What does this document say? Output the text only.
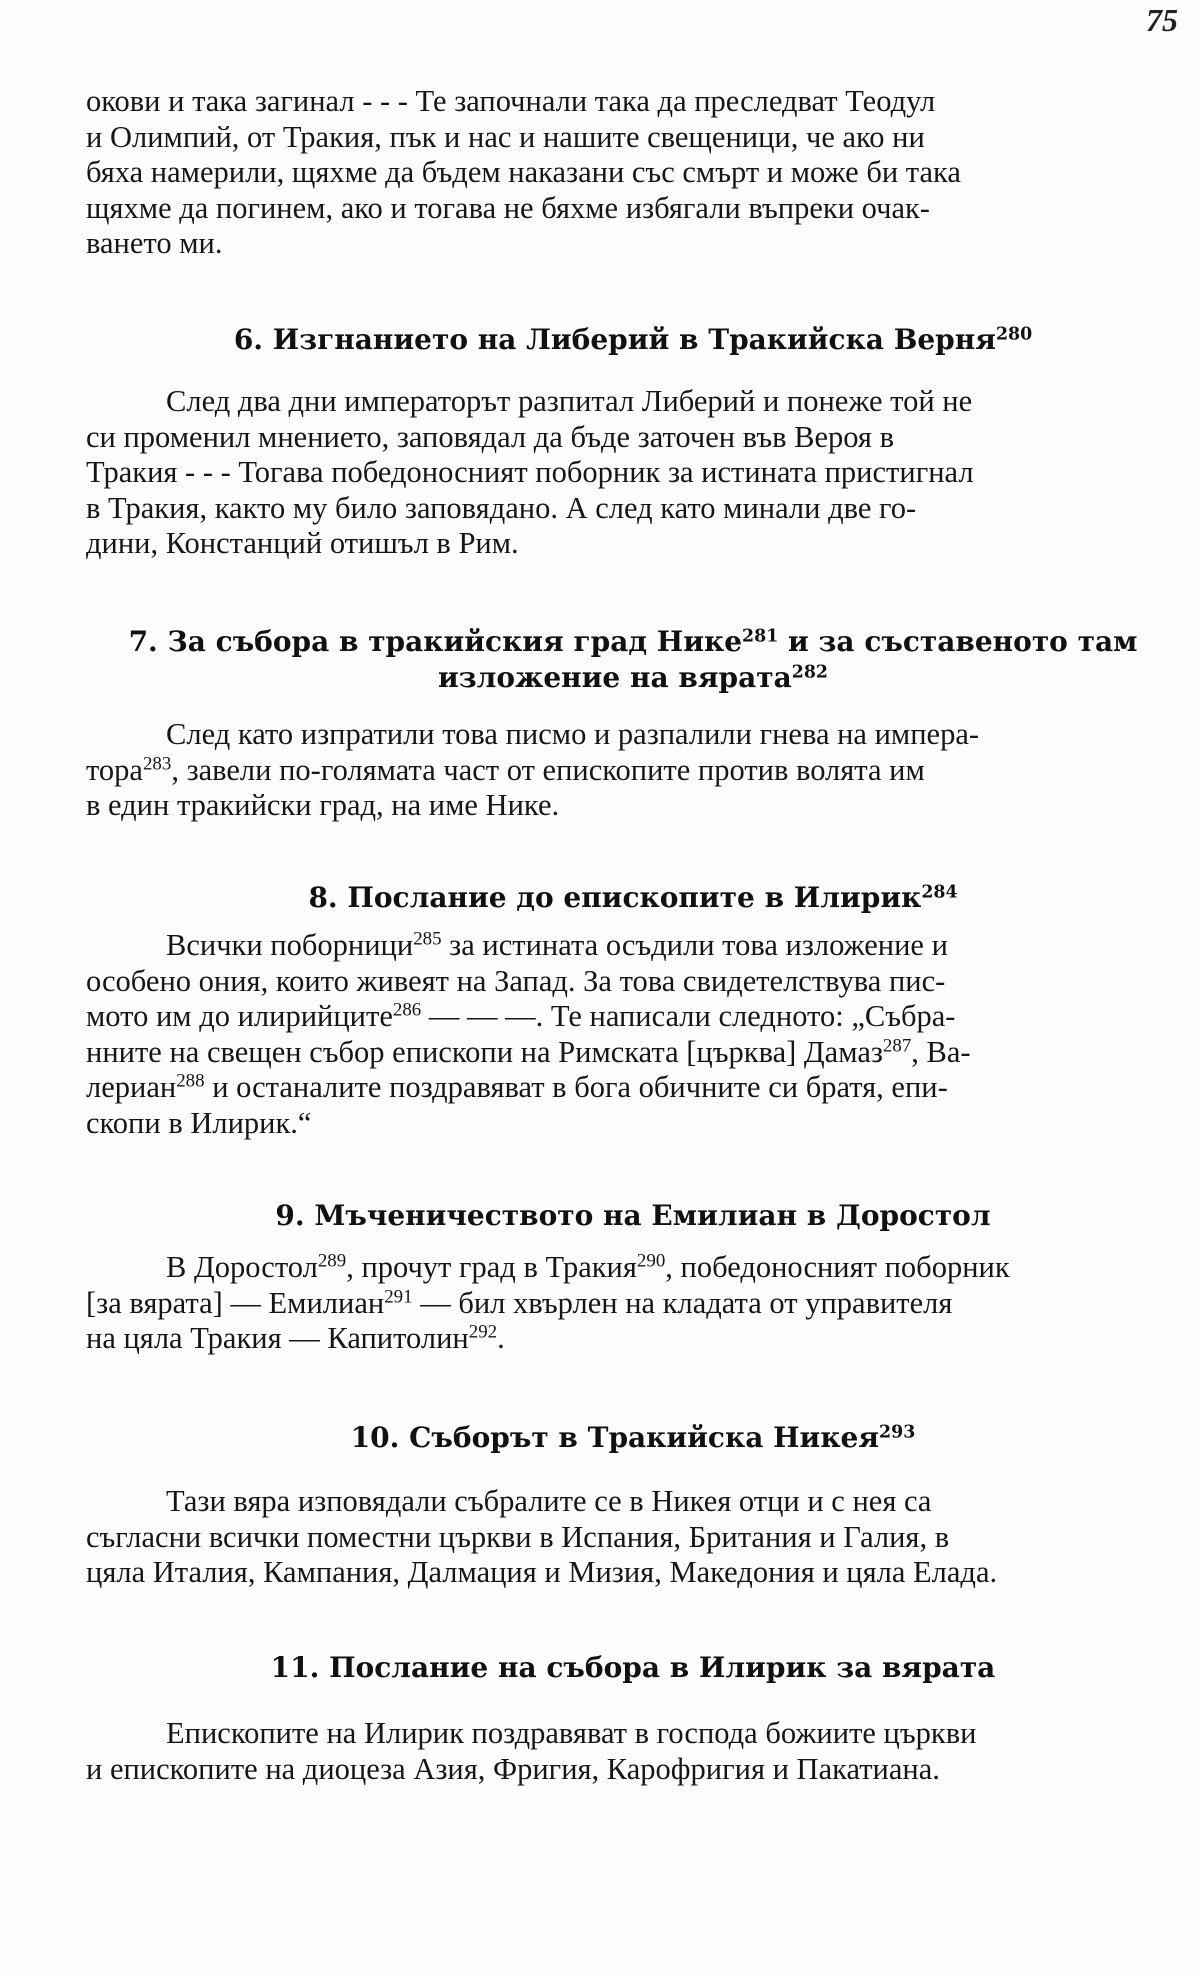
75

окови и така загинал - - - Те започнали така да преследват Теодул

и Олимпий, от Тракия, пък и нас и нашите свещеници, че ако ни

бяха намерили, щяхме да бъдем наказани със смърт и може би така

щяхме да погинем, ако и тогава не бяхме избягали въпреки очак-

ването ми.

6. Изгнанието на Либерий в Тракийска Верня$^{280}$

След два дни императорът разпитал Либерий и понеже той не

си променил мнението, заповядал да бъде заточен във Вероя в

Тракия - - - Тогава победоносният поборник за истината пристигнал

в Тракия, както му било заповядано. А след като минали две го-

дини, Констанций отишъл в Рим.

7. За събора в тракийския град Нике$^{281}$ и за съставеното там
изложение на вярата$^{282}$

След като изпратили това писмо и разпалили гнева на импера-

тора$^{283}$, завели по-голямата част от епископите против волята им

в един тракийски град, на име Нике.

8. Послание до епископите в Илирик$^{284}$

Всички поборници$^{285}$ за истината осъдили това изложение и

особено ония, които живеят на Запад. За това свидетелствува пис-

мото им до илирийците$^{286}$ — — —. Те написали следното: „Събра-

нните на свещен събор епископи на Римската [църква] Дамаз$^{287}$, Ва-

лериан$^{288}$ и останалите поздравяват в бога обичните си братя, епи-

скопи в Илирик.“

9. Мъченичеството на Емилиан в Доростол

В Доростол$^{289}$, прочут град в Тракия$^{290}$, победоносният поборник

[за вярата] — Емилиан$^{291}$ — бил хвърлен на кладата от управителя

на цяла Тракия — Капитолин$^{292}$.

10. Съборът в Тракийска Никея$^{293}$

Тази вяра изповядали събралите се в Никея отци и с нея са

съгласни всички поместни църкви в Испания, Британия и Галия, в

цяла Италия, Кампания, Далмация и Мизия, Македония и цяла Елада.

11. Послание на събора в Илирик за вярата

Епископите на Илирик поздравяват в господа божиите църкви

и епископите на диоцеза Азия, Фригия, Карофригия и Пакатиана.
